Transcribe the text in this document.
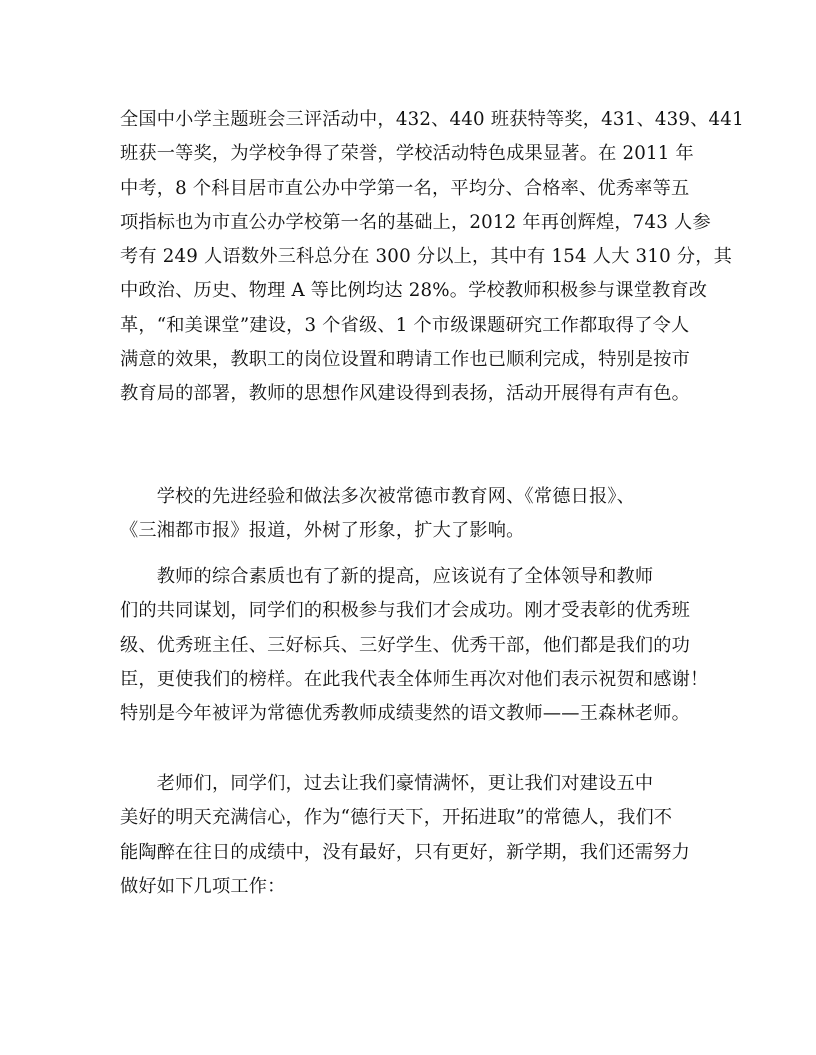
全国中小学主题班会三评活动中，432、440 班获特等奖，431、439、441
班获一等奖，为学校争得了荣誉，学校活动特色成果显著。在 2011 年
中考，8 个科目居市直公办中学第一名，平均分、合格率、优秀率等五
项指标也为市直公办学校第一名的基础上，2012 年再创辉煌，743 人参
考有 249 人语数外三科总分在 300 分以上，其中有 154 人大 310 分，其
中政治、历史、物理 A 等比例均达 28%。学校教师积极参与课堂教育改
革，“和美课堂”建设，3 个省级、1 个市级课题研究工作都取得了令人
满意的效果，教职工的岗位设置和聘请工作也已顺利完成，特别是按市
教育局的部署，教师的思想作风建设得到表扬，活动开展得有声有色。
　　学校的先进经验和做法多次被常德市教育网、《常德日报》、
《三湘都市报》报道，外树了形象，扩大了影响。
　　教师的综合素质也有了新的提高，应该说有了全体领导和教师
们的共同谋划，同学们的积极参与我们才会成功。刚才受表彰的优秀班
级、优秀班主任、三好标兵、三好学生、优秀干部，他们都是我们的功
臣，更使我们的榜样。在此我代表全体师生再次对他们表示祝贺和感谢！
特别是今年被评为常德优秀教师成绩斐然的语文教师——王森林老师。
　　老师们，同学们，过去让我们豪情满怀，更让我们对建设五中
美好的明天充满信心，作为“德行天下，开拓进取”的常德人，我们不
能陶醉在往日的成绩中，没有最好，只有更好，新学期，我们还需努力
做好如下几项工作：
